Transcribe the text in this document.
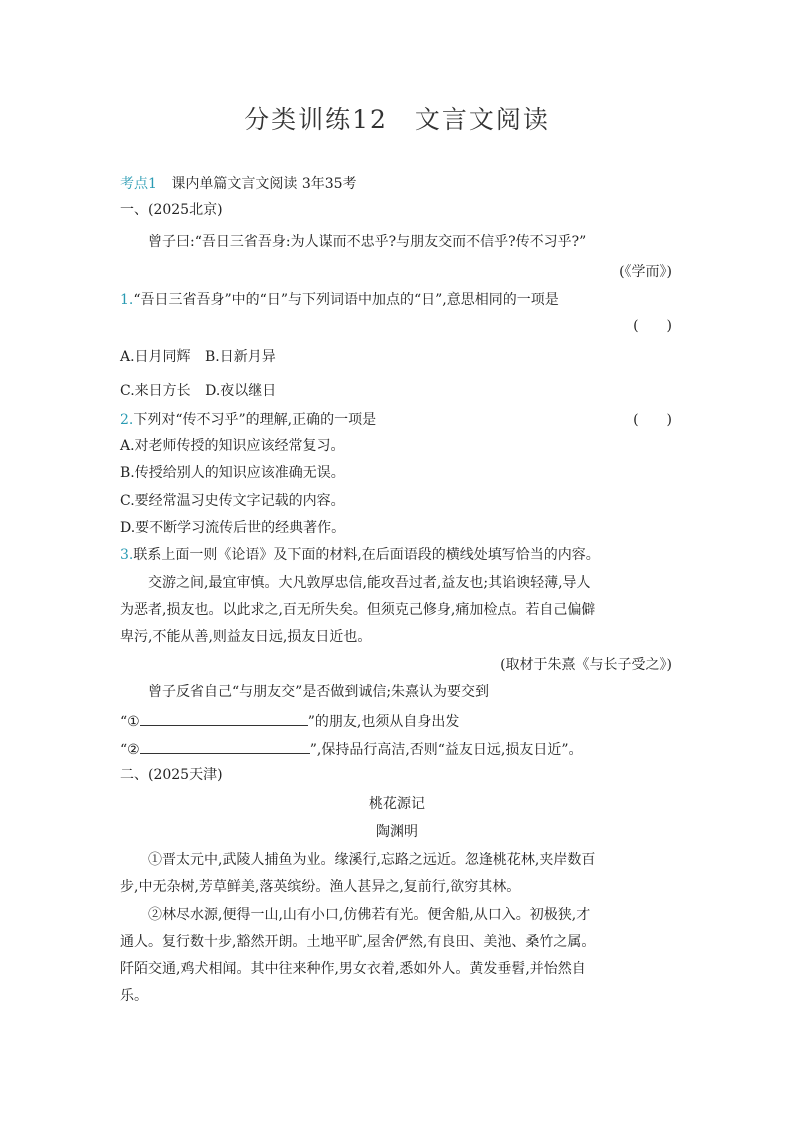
分类训练12　文言文阅读
考点1 课内单篇文言文阅读 3年35考
一、(2025北京)
曾子曰:“吾日三省吾身:为人谋而不忠乎?与朋友交而不信乎?传不习乎?”
(《学而》)
1.“吾日三省吾身”中的“日”与下列词语中加点的“日”,意思相同的一项是
(　　)
A.日月同辉 B.日新月异
C.来日方长 D.夜以继日
2.下列对“传不习乎”的理解,正确的一项是	(　　)
A.对老师传授的知识应该经常复习。
B.传授给别人的知识应该准确无误。
C.要经常温习史传文字记载的内容。
D.要不断学习流传后世的经典著作。
3.联系上面一则《论语》及下面的材料,在后面语段的横线处填写恰当的内容。
交游之间,最宜审慎。大凡敦厚忠信,能攻吾过者,益友也;其谄谀轻薄,导人
为恶者,损友也。以此求之,百无所失矣。但须克己修身,痛加检点。若自己偏僻
卑污,不能从善,则益友日远,损友日近也。
(取材于朱熹《与长子受之》)
曾子反省自己“与朋友交”是否做到诚信;朱熹认为要交到
“①	”的朋友,也须从自身出发
“②	”,保持品行高洁,否则“益友日远,损友日近”。
二、(2025天津)
桃花源记
陶渊明
①晋太元中,武陵人捕鱼为业。缘溪行,忘路之远近。忽逢桃花林,夹岸数百
步,中无杂树,芳草鲜美,落英缤纷。渔人甚异之,复前行,欲穷其林。
②林尽水源,便得一山,山有小口,仿佛若有光。便舍船,从口入。初极狭,才
通人。复行数十步,豁然开朗。土地平旷,屋舍俨然,有良田、美池、桑竹之属。
阡陌交通,鸡犬相闻。其中往来种作,男女衣着,悉如外人。黄发垂髫,并怡然自
乐。
